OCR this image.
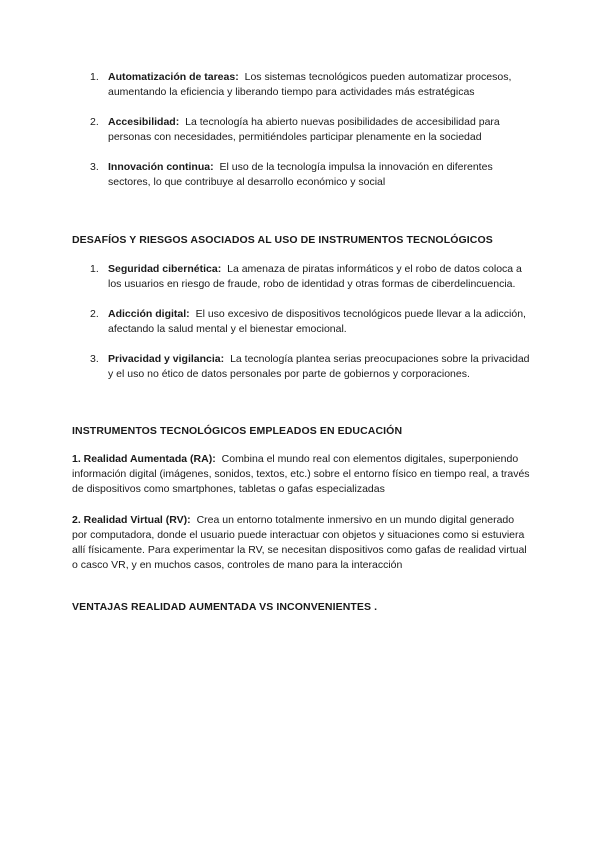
1. Automatización de tareas: Los sistemas tecnológicos pueden automatizar procesos, aumentando la eficiencia y liberando tiempo para actividades más estratégicas
2. Accesibilidad: La tecnología ha abierto nuevas posibilidades de accesibilidad para personas con necesidades, permitiéndoles participar plenamente en la sociedad
3. Innovación continua: El uso de la tecnología impulsa la innovación en diferentes sectores, lo que contribuye al desarrollo económico y social
DESAFÍOS Y RIESGOS ASOCIADOS AL USO DE INSTRUMENTOS TECNOLÓGICOS
1. Seguridad cibernética: La amenaza de piratas informáticos y el robo de datos coloca a los usuarios en riesgo de fraude, robo de identidad y otras formas de ciberdelincuencia.
2. Adicción digital: El uso excesivo de dispositivos tecnológicos puede llevar a la adicción, afectando la salud mental y el bienestar emocional.
3. Privacidad y vigilancia: La tecnología plantea serias preocupaciones sobre la privacidad y el uso no ético de datos personales por parte de gobiernos y corporaciones.
INSTRUMENTOS TECNOLÓGICOS EMPLEADOS EN EDUCACIÓN
1. Realidad Aumentada (RA): Combina el mundo real con elementos digitales, superponiendo información digital (imágenes, sonidos, textos, etc.) sobre el entorno físico en tiempo real, a través de dispositivos como smartphones, tabletas o gafas especializadas
2. Realidad Virtual (RV): Crea un entorno totalmente inmersivo en un mundo digital generado por computadora, donde el usuario puede interactuar con objetos y situaciones como si estuviera allí físicamente. Para experimentar la RV, se necesitan dispositivos como gafas de realidad virtual o casco VR, y en muchos casos, controles de mano para la interacción
VENTAJAS REALIDAD AUMENTADA VS INCONVENIENTES .
